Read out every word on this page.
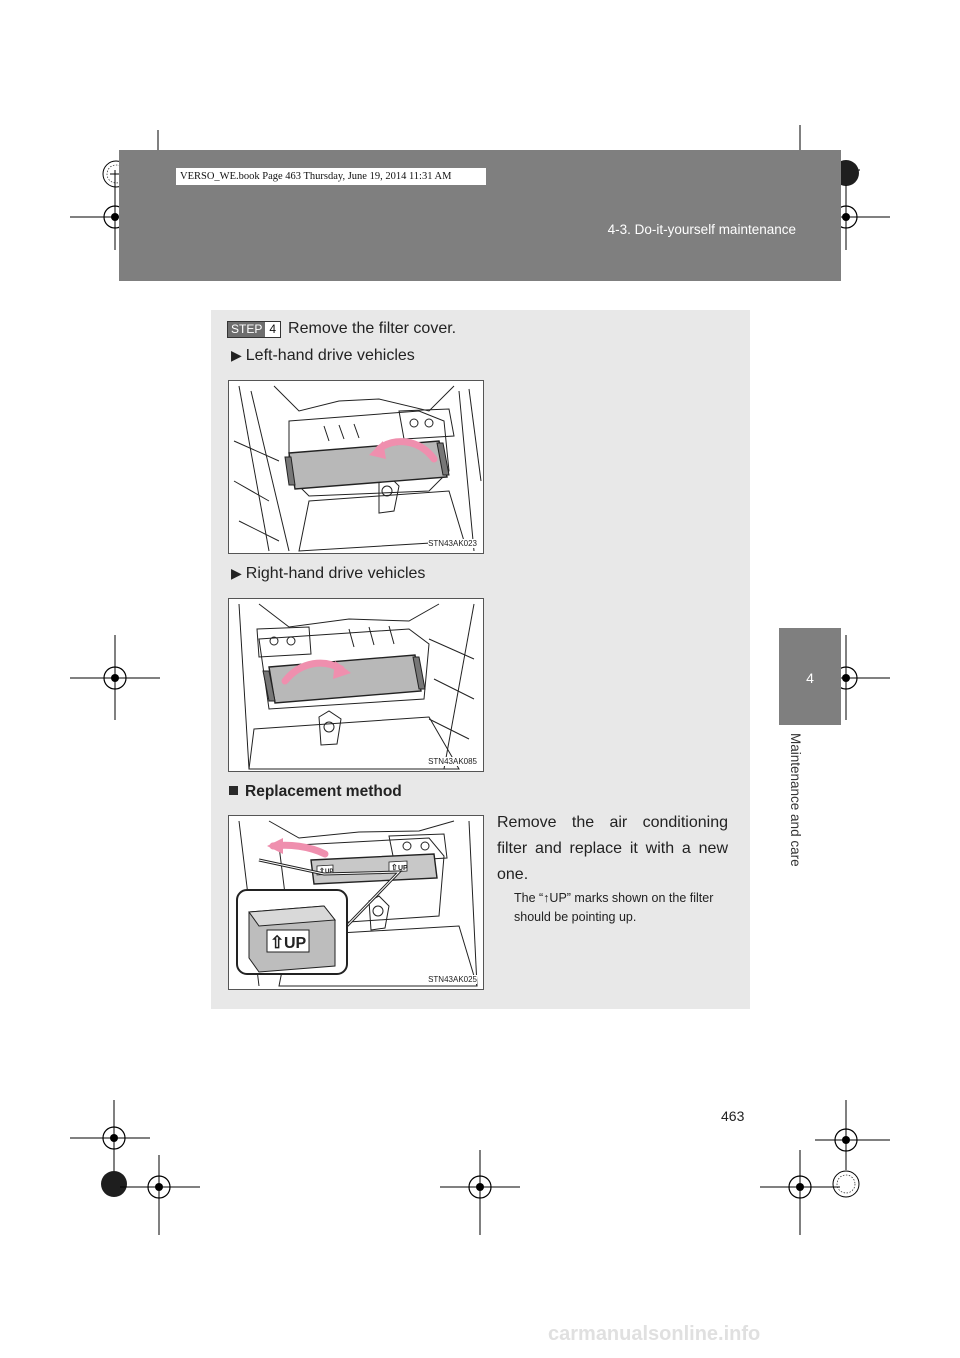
VERSO_WE.book Page 463 Thursday, June 19, 2014 11:31 AM
4-3. Do-it-yourself maintenance
4
Maintenance and care
STEP 4 Remove the filter cover.
▶ Left-hand drive vehicles
STN43AK023
▶ Right-hand drive vehicles
STN43AK085
Replacement method
⇧ UP	⇧ UP
⇧ UP
STN43AK025

Remove the air conditioning filter and replace it with a new one.

The “↑UP” marks shown on the filter should be pointing up.

463
carmanualsonline.info
